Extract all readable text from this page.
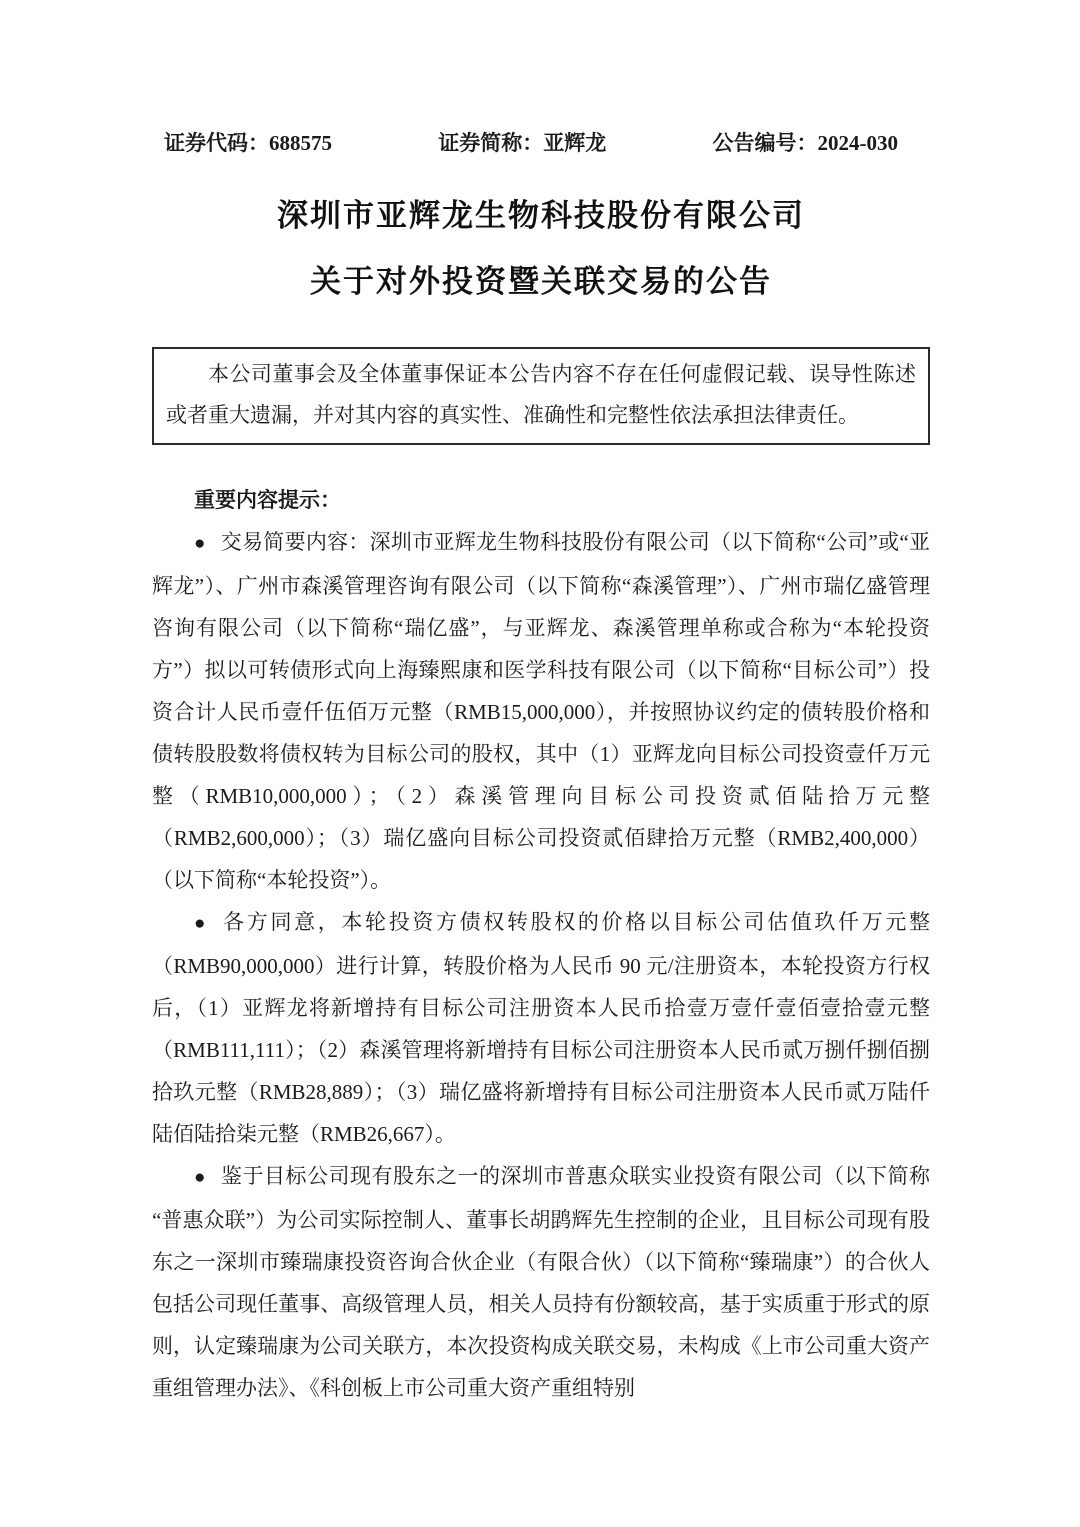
证券代码：688575	证券简称：亚辉龙	公告编号：2024-030
深圳市亚辉龙生物科技股份有限公司
关于对外投资暨关联交易的公告

本公司董事会及全体董事保证本公告内容不存在任何虚假记载、误导性陈述或者重大遗漏，并对其内容的真实性、准确性和完整性依法承担法律责任。

重要内容提示：

● 交易简要内容：深圳市亚辉龙生物科技股份有限公司（以下简称“公司”或“亚辉龙”）、广州市森溪管理咨询有限公司（以下简称“森溪管理”）、广州市瑞亿盛管理咨询有限公司（以下简称“瑞亿盛”，与亚辉龙、森溪管理单称或合称为“本轮投资方”）拟以可转债形式向上海臻熙康和医学科技有限公司（以下简称“目标公司”）投资合计人民币壹仟伍佰万元整（RMB15,000,000），并按照协议约定的债转股价格和债转股股数将债权转为目标公司的股权，其中（1）亚辉龙向目标公司投资壹仟万元整（RMB10,000,000）；（2）森溪管理向目标公司投资贰佰陆拾万元整（RMB2,600,000）；（3）瑞亿盛向目标公司投资贰佰肆拾万元整（RMB2,400,000）（以下简称“本轮投资”）。

● 各方同意，本轮投资方债权转股权的价格以目标公司估值玖仟万元整（RMB90,000,000）进行计算，转股价格为人民币 90 元/注册资本，本轮投资方行权后，（1）亚辉龙将新增持有目标公司注册资本人民币拾壹万壹仟壹佰壹拾壹元整（RMB111,111）；（2）森溪管理将新增持有目标公司注册资本人民币贰万捌仟捌佰捌拾玖元整（RMB28,889）；（3）瑞亿盛将新增持有目标公司注册资本人民币贰万陆仟陆佰陆拾柒元整（RMB26,667）。

● 鉴于目标公司现有股东之一的深圳市普惠众联实业投资有限公司（以下简称“普惠众联”）为公司实际控制人、董事长胡鹍辉先生控制的企业，且目标公司现有股东之一深圳市臻瑞康投资咨询合伙企业（有限合伙）（以下简称“臻瑞康”）的合伙人包括公司现任董事、高级管理人员，相关人员持有份额较高，基于实质重于形式的原则，认定臻瑞康为公司关联方，本次投资构成关联交易，未构成《上市公司重大资产重组管理办法》、《科创板上市公司重大资产重组特别
